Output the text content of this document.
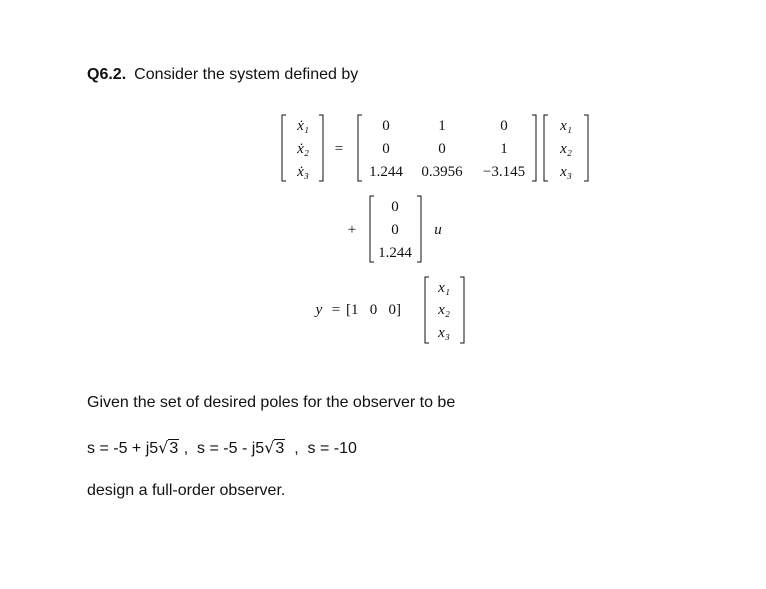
Q6.2. Consider the system defined by
ẋ₁
ẋ₂
ẋ₃
=
0	1	0
0	0	1
1.244	0.3956	−3.145
x₁
x₂
x₃
+
0
0
1.244
u
y = [1   0   0]
x₁
x₂
x₃
Given the set of desired poles for the observer to be
s = -5 + j5√3 ,  s = -5 - j5√3  ,  s = -10
design a full-order observer.
